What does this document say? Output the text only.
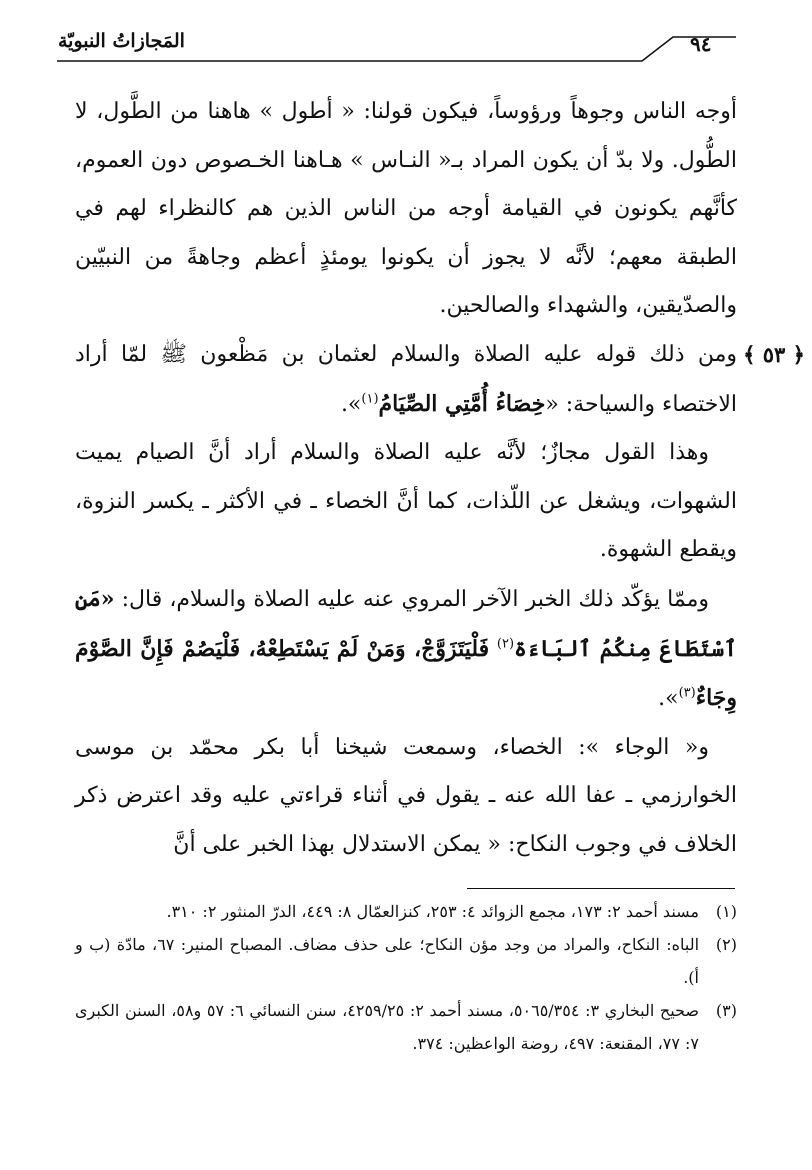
المَجازاتُ النبويّة	٩٤

أوجه الناس وجوهاً ورؤوساً، فيكون قولنا: « أطول » هاهنا من الطَّول، لا الطُّول. ولا بدّ أن يكون المراد بـ« النـاس » هـاهنا الخـصوص دون العموم، كأنَّهم يكونون في القيامة أوجه من الناس الذين هم كالنظراء لهم في الطبقة معهم؛ لأنَّه لا يجوز أن يكونوا يومئذٍ أعظم وجاهةً من النبيّين والصدّيقين، والشهداء والصالحين.

﴿ ٥٣ ﴾
ومن ذلك قوله عليه الصلاة والسلام لعثمان بن مَظْعون ﷺ لمّا أراد الاختصاء والسياحة: «خِصَاءُ أُمَّتِي الصِّيَامُ$^{(١)}$».

وهذا القول مجازٌ؛ لأنَّه عليه الصلاة والسلام أراد أنَّ الصيام يميت الشهوات، ويشغل عن اللّذات، كما أنَّ الخصاء ـ في الأكثر ـ يكسر النزوة، ويقطع الشهوة.

وممّا يؤكّد ذلك الخبر الآخر المروي عنه عليه الصلاة والسلام، قال: «مَنِ ٱسْتَطَاعَ مِنكُمُ ٱلبَاءَة$^{(٢)}$ فَلْيَتَزَوَّجْ، وَمَنْ لَمْ يَسْتَطِعْهُ، فَلْيَصُمْ فَإِنَّ الصَّوْمَ وِجَاءٌ$^{(٣)}$».

و« الوجاء »: الخصاء، وسمعت شيخنا أبا بكر محمّد بن موسى الخوارزمي ـ عفا الله عنه ـ يقول في أثناء قراءتي عليه وقد اعترض ذكر الخلاف في وجوب النكاح: « يمكن الاستدلال بهذا الخبر على أنَّ

(١)
مسند أحمد ٢: ١٧٣، مجمع الزوائد ٤: ٢٥٣، كنزالعمّال ٨: ٤٤٩، الدرّ المنثور ٢: ٣١٠.

(٢)
الباه: النكاح، والمراد من وجد مؤن النكاح؛ على حذف مضاف. المصباح المنير: ٦٧، مادّة (ب و أ).

(٣)
صحيح البخاري ٣: ٥٠٦٥/٣٥٤، مسند أحمد ٢: ٤٢٥٩/٢٥، سنن النسائي ٦: ٥٧ و٥٨، السنن الكبرى ٧: ٧٧، المقنعة: ٤٩٧، روضة الواعظين: ٣٧٤.
